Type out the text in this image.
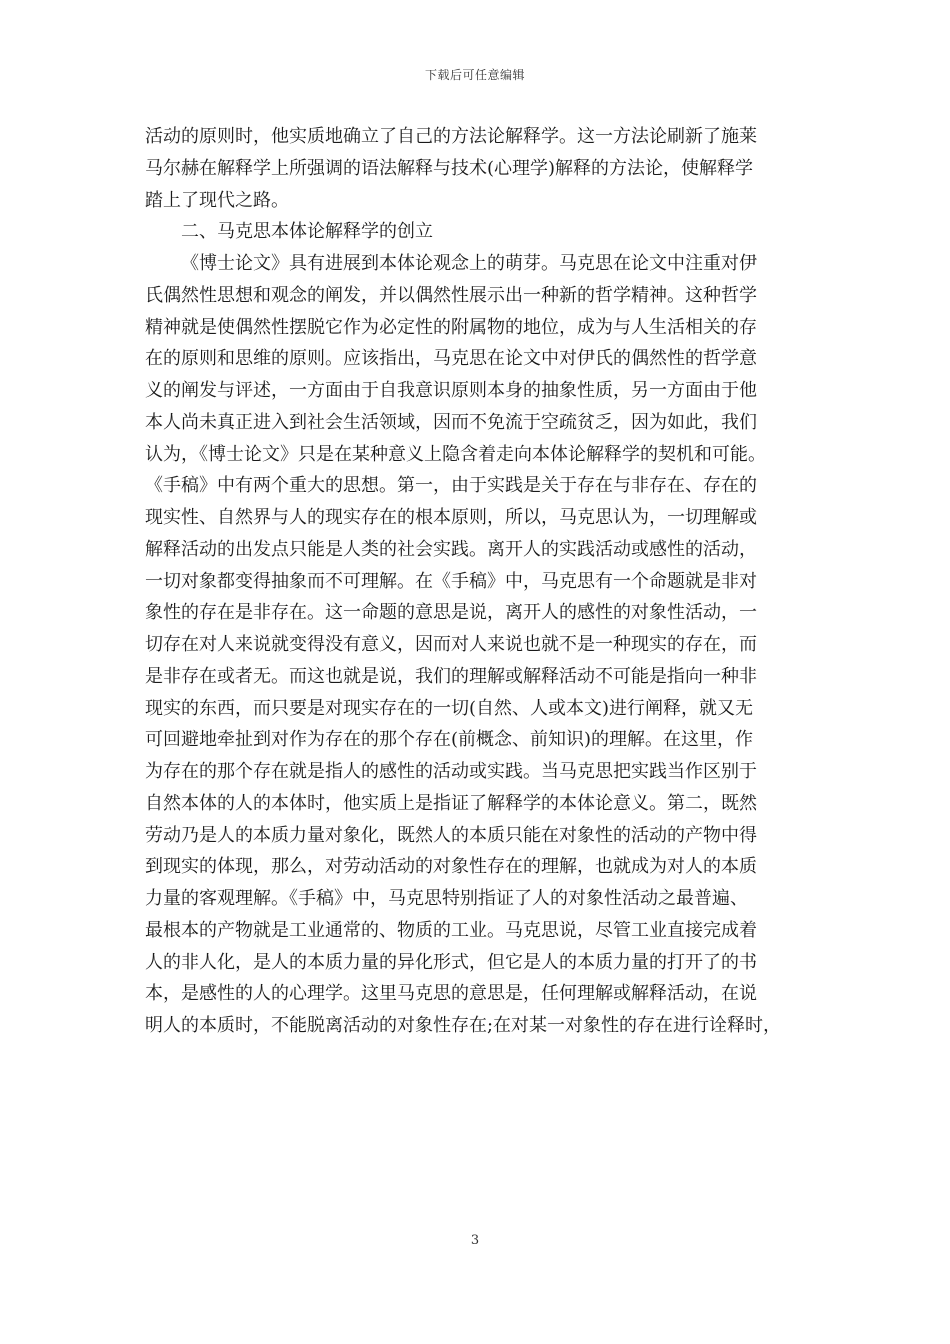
下载后可任意编辑
活动的原则时，他实质地确立了自己的方法论解释学。这一方法论刷新了施莱
马尔赫在解释学上所强调的语法解释与技术(心理学)解释的方法论，使解释学
踏上了现代之路。
二、马克思本体论解释学的创立
《博士论文》具有进展到本体论观念上的萌芽。马克思在论文中注重对伊
氏偶然性思想和观念的阐发，并以偶然性展示出一种新的哲学精神。这种哲学
精神就是使偶然性摆脱它作为必定性的附属物的地位，成为与人生活相关的存
在的原则和思维的原则。应该指出，马克思在论文中对伊氏的偶然性的哲学意
义的阐发与评述，一方面由于自我意识原则本身的抽象性质，另一方面由于他
本人尚未真正进入到社会生活领域，因而不免流于空疏贫乏，因为如此，我们
认为，《博士论文》只是在某种意义上隐含着走向本体论解释学的契机和可能。
《手稿》中有两个重大的思想。第一，由于实践是关于存在与非存在、存在的
现实性、自然界与人的现实存在的根本原则，所以，马克思认为，一切理解或
解释活动的出发点只能是人类的社会实践。离开人的实践活动或感性的活动，
一切对象都变得抽象而不可理解。在《手稿》中，马克思有一个命题就是非对
象性的存在是非存在。这一命题的意思是说，离开人的感性的对象性活动，一
切存在对人来说就变得没有意义，因而对人来说也就不是一种现实的存在，而
是非存在或者无。而这也就是说，我们的理解或解释活动不可能是指向一种非
现实的东西，而只要是对现实存在的一切(自然、人或本文)进行阐释，就又无
可回避地牵扯到对作为存在的那个存在(前概念、前知识)的理解。在这里，作
为存在的那个存在就是指人的感性的活动或实践。当马克思把实践当作区别于
自然本体的人的本体时，他实质上是指证了解释学的本体论意义。第二，既然
劳动乃是人的本质力量对象化，既然人的本质只能在对象性的活动的产物中得
到现实的体现，那么，对劳动活动的对象性存在的理解，也就成为对人的本质
力量的客观理解。《手稿》中，马克思特别指证了人的对象性活动之最普遍、
最根本的产物就是工业通常的、物质的工业。马克思说，尽管工业直接完成着
人的非人化，是人的本质力量的异化形式，但它是人的本质力量的打开了的书
本，是感性的人的心理学。这里马克思的意思是，任何理解或解释活动，在说
明人的本质时，不能脱离活动的对象性存在;在对某一对象性的存在进行诠释时，
3
